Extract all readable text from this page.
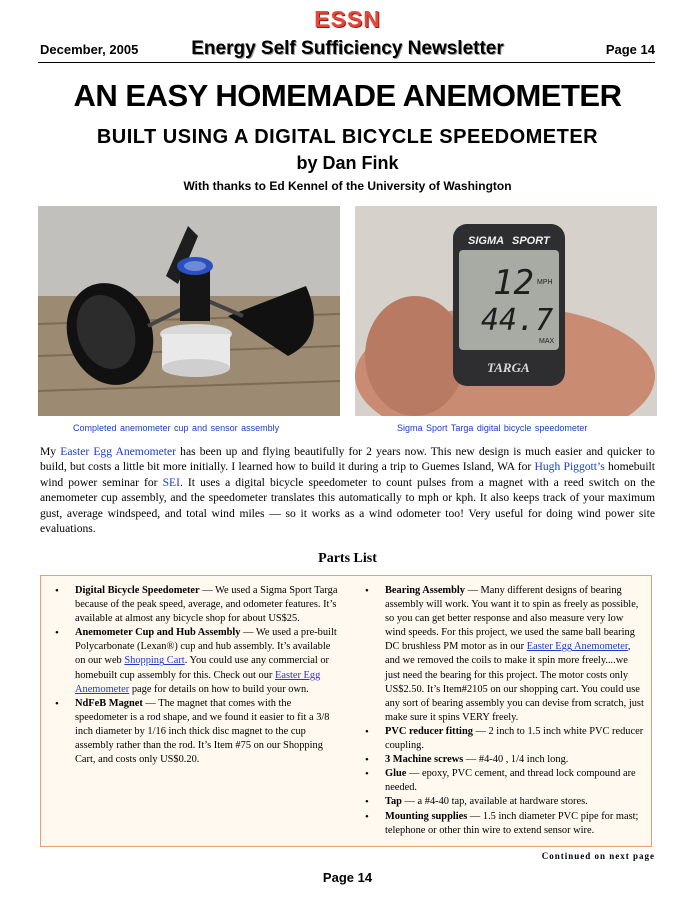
ESSN
December, 2005	Energy Self Sufficiency Newsletter	Page 14
AN EASY HOMEMADE ANEMOMETER
BUILT USING A DIGITAL BICYCLE SPEEDOMETER
by Dan Fink
With thanks to Ed Kennel of the University of Washington
Completed anemometer cup and sensor assembly
SIGMA SPORT
12 MPH
44.7
MAX
TARGA
Sigma Sport Targa digital bicycle speedometer
My Easter Egg Anemometer has been up and flying beautifully for 2 years now. This new design is much easier and quicker to build, but costs a little bit more initially. I learned how to build it during a trip to Guemes Island, WA for Hugh Piggott’s homebuilt wind power seminar for SEI. It uses a digital bicycle speedometer to count pulses from a magnet with a reed switch on the anemometer cup assembly, and the speedometer translates this automatically to mph or kph. It also keeps track of your maximum gust, average windspeed, and total wind miles — so it works as a wind odometer too! Very useful for doing wind power site evaluations.
Parts List
• Digital Bicycle Speedometer — We used a Sigma Sport Targa because of the peak speed, average, and odometer features. It’s available at almost any bicycle shop for about US$25.
• Anemometer Cup and Hub Assembly — We used a pre-built Polycarbonate (Lexan®) cup and hub assembly. It’s available on our web Shopping Cart. You could use any commercial or homebuilt cup assembly for this. Check out our Easter Egg Anemometer page for details on how to build your own.
• NdFeB Magnet — The magnet that comes with the speedometer is a rod shape, and we found it easier to fit a 3/8 inch diameter by 1/16 inch thick disc magnet to the cup assembly rather than the rod. It’s Item #75 on our Shopping Cart, and costs only US$0.20.
• Bearing Assembly — Many different designs of bearing assembly will work. You want it to spin as freely as possible, so you can get better response and also measure very low wind speeds. For this project, we used the same ball bearing DC brushless PM motor as in our Easter Egg Anemometer, and we removed the coils to make it spin more freely....we just need the bearing for this project. The motor costs only US$2.50. It’s Item#2105 on our shopping cart. You could use any sort of bearing assembly you can devise from scratch, just make sure it spins VERY freely.
• PVC reducer fitting — 2 inch to 1.5 inch white PVC reducer coupling.
• 3 Machine screws — #4-40 , 1/4 inch long.
• Glue — epoxy, PVC cement, and thread lock compound are needed.
• Tap — a #4-40 tap, available at hardware stores.
• Mounting supplies — 1.5 inch diameter PVC pipe for mast; telephone or other thin wire to extend sensor wire.
Continued on next page
Page 14
